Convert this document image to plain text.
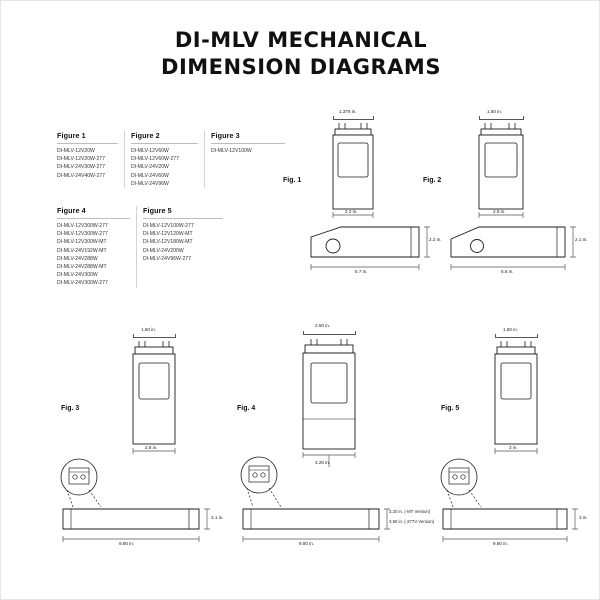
DI-MLV MECHANICAL
DIMENSION DIAGRAMS
Figure 1
DI-MLV-12V20W
DI-MLV-12V20W-277
DI-MLV-24V30W-277
DI-MLV-24V40W-277
Figure 2
DI-MLV-12V60W
DI-MLV-12V60W-277
DI-MLV-24V20W
DI-MLV-24V60W
DI-MLV-24V96W
Figure 3
DI-MLV-12V100W
Figure 4
DI-MLV-12V300W-277
DI-MLV-12V300W-277
DI-MLV-12V300W-MT
DI-MLV-24V192W-MT
DI-MLV-24V288W
DI-MLV-24V288W-MT
DI-MLV-24V300W
DI-MLV-24V300W-277
Figure 5
DI-MLV-12V100W-277
DI-MLV-12V120W-MT
DI-MLV-12V180W-MT
DI-MLV-24V200W
DI-MLV-24V96W-277
Fig. 1
1.375 in.
2.2 in.
2.2 in.
5.7 in.
Fig. 2
1.50 in.
2.8 in.
2.1 in.
6.6 in.
Fig. 3
1.50 in.
2.8 in.
3.1 in.
9.80 in.
Fig. 4
2.50 in.
4.20 in.
3.20 in. (-MT Version)
3.50 in. (-277V Version)
9.80 in.
Fig. 5
1.50 in.
3 in.
3 in.
9.80 in.
